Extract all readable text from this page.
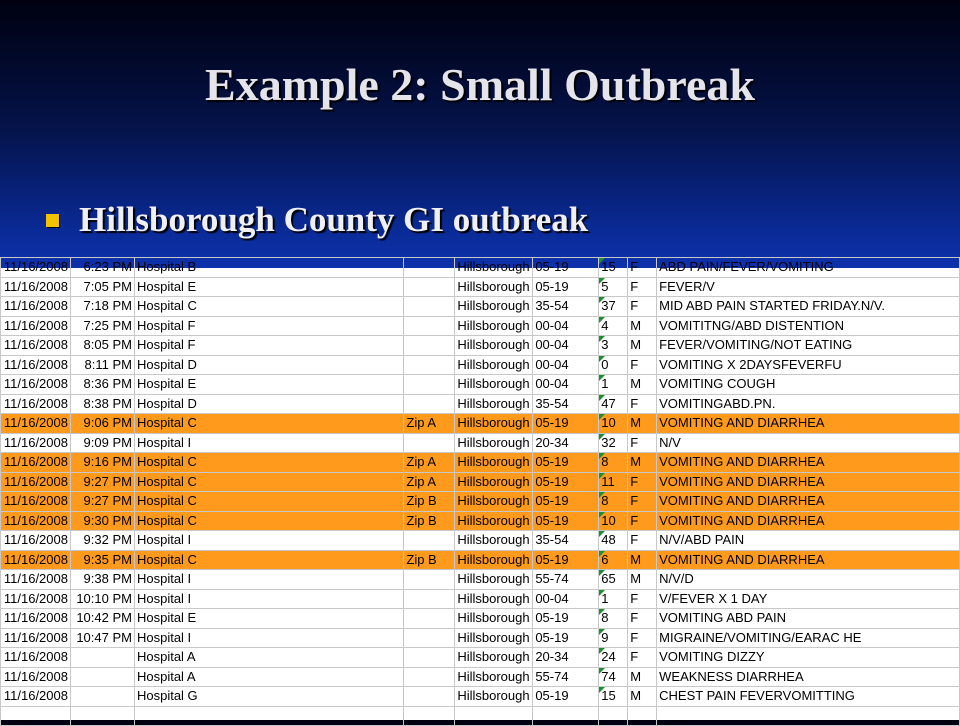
Example 2: Small Outbreak
Hillsborough County GI outbreak
11/16/2008	6:23 PM	Hospital B		Hillsborough	05-19	15	F	ABD PAIN/FEVER/VOMITING
11/16/2008	7:05 PM	Hospital E		Hillsborough	05-19	5	F	FEVER/V
11/16/2008	7:18 PM	Hospital C		Hillsborough	35-54	37	F	MID ABD PAIN STARTED FRIDAY.N/V.
11/16/2008	7:25 PM	Hospital F		Hillsborough	00-04	4	M	VOMITITNG/ABD DISTENTION
11/16/2008	8:05 PM	Hospital F		Hillsborough	00-04	3	M	FEVER/VOMITING/NOT EATING
11/16/2008	8:11 PM	Hospital D		Hillsborough	00-04	0	F	VOMITING X 2DAYSFEVERFU
11/16/2008	8:36 PM	Hospital E		Hillsborough	00-04	1	M	VOMITING COUGH
11/16/2008	8:38 PM	Hospital D		Hillsborough	35-54	47	F	VOMITINGABD.PN.
11/16/2008	9:06 PM	Hospital C	Zip A	Hillsborough	05-19	10	M	VOMITING AND DIARRHEA
11/16/2008	9:09 PM	Hospital I		Hillsborough	20-34	32	F	N/V
11/16/2008	9:16 PM	Hospital C	Zip A	Hillsborough	05-19	8	M	VOMITING AND DIARRHEA
11/16/2008	9:27 PM	Hospital C	Zip A	Hillsborough	05-19	11	F	VOMITING AND DIARRHEA
11/16/2008	9:27 PM	Hospital C	Zip B	Hillsborough	05-19	8	F	VOMITING AND DIARRHEA
11/16/2008	9:30 PM	Hospital C	Zip B	Hillsborough	05-19	10	F	VOMITING AND DIARRHEA
11/16/2008	9:32 PM	Hospital I		Hillsborough	35-54	48	F	N/V/ABD PAIN
11/16/2008	9:35 PM	Hospital C	Zip B	Hillsborough	05-19	6	M	VOMITING AND DIARRHEA
11/16/2008	9:38 PM	Hospital I		Hillsborough	55-74	65	M	N/V/D
11/16/2008	10:10 PM	Hospital I		Hillsborough	00-04	1	F	V/FEVER X 1 DAY
11/16/2008	10:42 PM	Hospital E		Hillsborough	05-19	8	F	VOMITING ABD PAIN
11/16/2008	10:47 PM	Hospital I		Hillsborough	05-19	9	F	MIGRAINE/VOMITING/EARAC HE
11/16/2008		Hospital A		Hillsborough	20-34	24	F	VOMITING DIZZY
11/16/2008		Hospital A		Hillsborough	55-74	74	M	WEAKNESS DIARRHEA
11/16/2008		Hospital G		Hillsborough	05-19	15	M	CHEST PAIN FEVERVOMITTING
